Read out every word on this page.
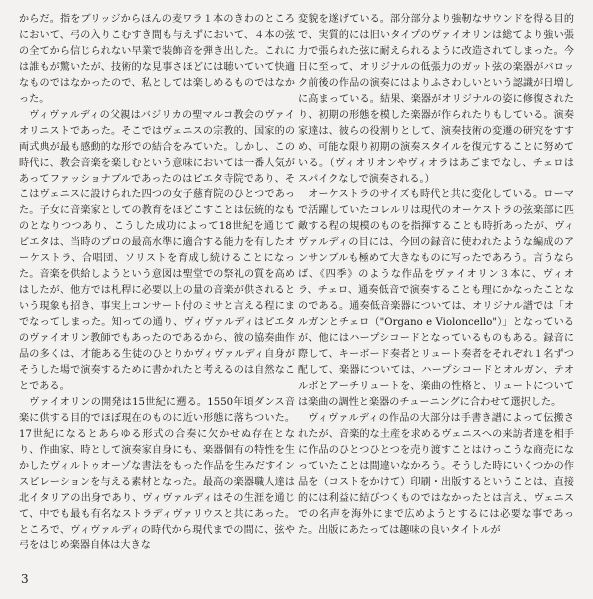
からだ。指をブリッジからほんの麦ワラ１本のきわのところにおいて、弓の入りこむすき間も与えずにおいて、４本の弦の全てから信じられない早業で装飾音を弾き出した。これには誰もが驚いたが、技術的な見事さほどには聴いていて快適なものではなかったので、私としては楽しめるものではなかった。

ヴィヴァルディの父親はバジリカの聖マルコ教会のヴァイオリニストであった。そこではヴェニスの宗教的、国家的の両式典が最も感動的な形での結合をみていた。しかし、この時代に、教会音楽を楽しむという意味においては一番人気があってファッショナブルであったのはピエタ寺院であり、そこはヴェニスに設けられた四つの女子慈育院のひとつであった。子女に音楽家としての教育をほどこすことは伝統的なものとなりつつあり、こうした成功によって18世紀を通じてピエタは、当時のプロの最高水準に適合する能力を有したオーケストラ、合唱団、ソリストを育成し続けることになった。音楽を供給しようという意図は聖堂での祭礼の質を高めはしたが、他方では札稈に必要以上の量の音楽が供されるという現象も招き、事実上コンサート付のミサと言える程にまでなってしまった。知っての通り、ヴィヴァルディはピエタのヴァイオリン教師でもあったのであるから、彼の協奏曲作品の多くは、才能ある生徒のひとりかヴィヴァルディ自身がそうした場で演奏するために書かれたと考えるのは自然なことである。

ヴァイオリンの開発は15世紀に遡る。1550年頃ダンス音楽に供する目的でほぼ現在のものに近い形態に落ちついた。17世紀になるとあらゆる形式の合奏に欠かせぬ存在となり、作曲家、時として演奏家自身にも、楽器個有の特性を生かしたヴィルトゥオーゾな書法をもった作品を生みだすインスピレーションを与える素材となった。最高の楽器職人達は北イタリアの出身であり、ヴィヴァルディはその生涯を通じて、中でも最も有名なストラディヴァリウスと共にあった。ところで、ヴィヴァルディの時代から現代までの間に、弦や弓をはじめ楽器自体は大きな

変貌を遂げている。部分部分より強靭なサウンドを得る目的で、実質的には旧いタイプのヴァイオリンは総てより強い張力で張られた弦に耐えられるように改造されてしまった。今日に至って、オリジナルの低張力のガット弦の楽器がバロック前後の作品の演奏にはよりふさわしいという認識が日増しに高まっている。結果、楽器がオリジナルの姿に修復されたり、初期の形態を模した楽器が作られたりもしている。演奏家達は、彼らの役割りとして、演奏技術の変遷の研究をすすめ、可能な限り初期の演奏スタイルを復元することに努めている。（ヴィオリオンやヴィオラはあごまでなし、チェロはスパイクなしで演奏される。）

オーケストラのサイズも時代と共に変化している。ローマで活躍していたコレルリは現代のオーケストラの弦楽部に匹敵する程の規模のものを指揮することも時折あったが、ヴィヴァルディの目には、今回の録音に使われたような編成のアンサンブルも極めて大きなものに写ったであろう。言うならば、《四季》のような作品をヴァイオリン３本に、ヴィオラ、チェロ、通奏低音で演奏することも理にかなったことなのである。通奏低音楽器については、オリジナル譜では「オルガンとチェロ（"Organo e Violoncello"）」となっているが、他にはハープシコードとなっているものもある。録音に際して、キーボード奏者とリュート奏者をそれぞれ１名ずつ配して、楽器については、ハープシコードとオルガン、テオルボとアーチリュートを、楽曲の性格と、リュートについては楽曲の調性と楽器のチューニングに合わせて選択した。

ヴィヴァルディの作品の大部分は手書き譜によって伝搬されたが、音楽的な土産を求めるヴェニスへの来訪者達を相手に作品のひとつひとつを売り渡すことはけっこうな商売になっていたことは間違いなかろう。そうした時にいくつかの作品を（コストをかけて）印刷・出版するということは、直接的には利益に結びつくものではなかったとは言え、ヴェニスでの名声を海外にまで広めようとするには必要な事であった。出版にあたっては趣味の良いタイトルが

3
